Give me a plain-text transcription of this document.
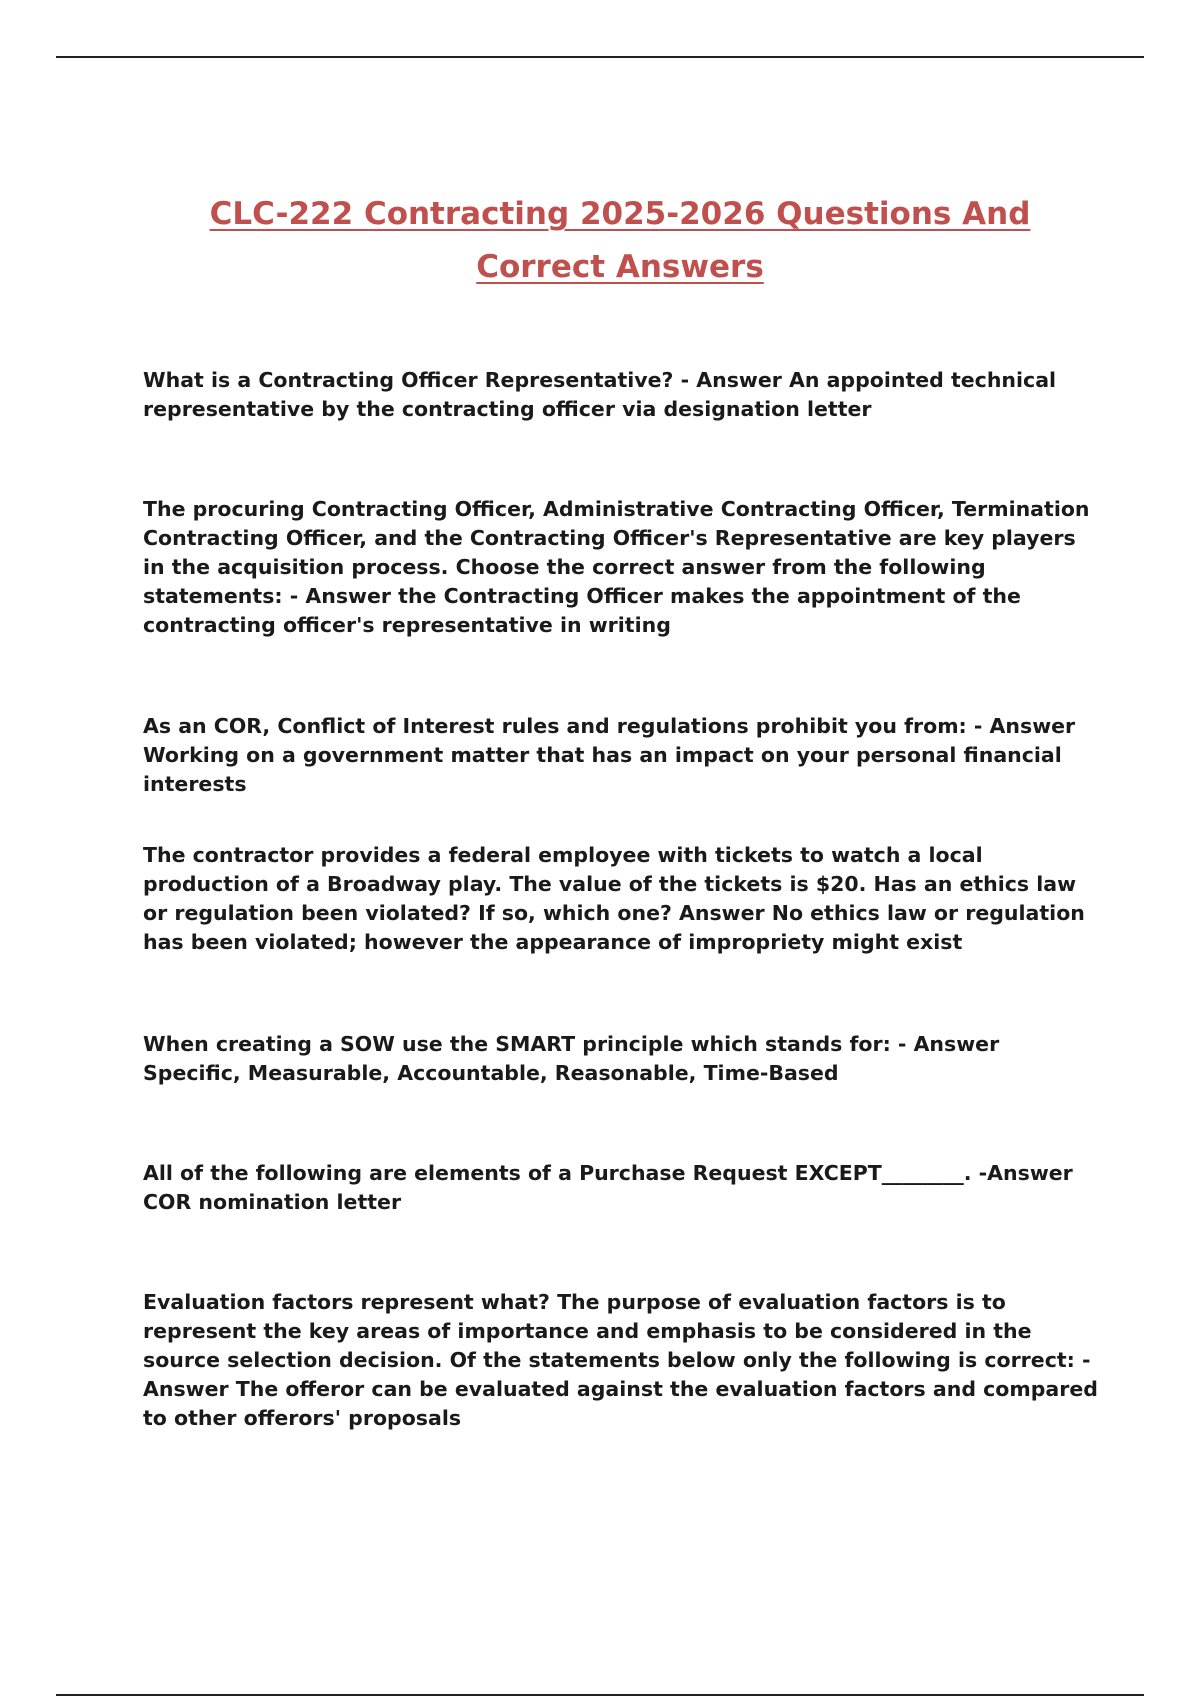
CLC-222 Contracting 2025-2026 Questions And
Correct Answers

What is a Contracting Officer Representative? - Answer An appointed technical representative by the contracting officer via designation letter

The procuring Contracting Officer, Administrative Contracting Officer, Termination Contracting Officer, and the Contracting Officer's Representative are key players in the acquisition process. Choose the correct answer from the following statements: - Answer the Contracting Officer makes the appointment of the contracting officer's representative in writing

As an COR, Conflict of Interest rules and regulations prohibit you from: - Answer Working on a government matter that has an impact on your personal financial interests

The contractor provides a federal employee with tickets to watch a local production of a Broadway play. The value of the tickets is $20. Has an ethics law or regulation been violated? If so, which one? Answer No ethics law or regulation has been violated; however the appearance of impropriety might exist

When creating a SOW use the SMART principle which stands for: - Answer Specific, Measurable, Accountable, Reasonable, Time-Based

All of the following are elements of a Purchase Request EXCEPT________. -Answer COR nomination letter

Evaluation factors represent what? The purpose of evaluation factors is to represent the key areas of importance and emphasis to be considered in the source selection decision. Of the statements below only the following is correct: -Answer The offeror can be evaluated against the evaluation factors and compared to other offerors' proposals
